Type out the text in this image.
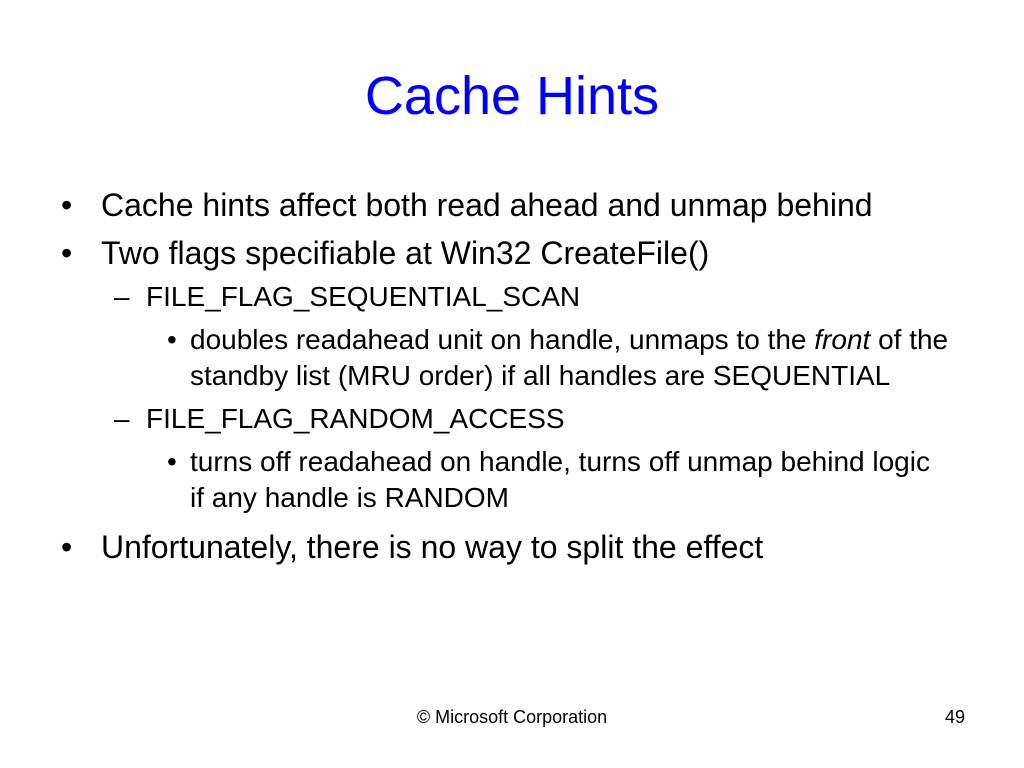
Cache Hints
• Cache hints affect both read ahead and unmap behind
• Two flags specifiable at Win32 CreateFile()
– FILE_FLAG_SEQUENTIAL_SCAN
• doubles readahead unit on handle, unmaps to the front of the standby list (MRU order) if all handles are SEQUENTIAL
– FILE_FLAG_RANDOM_ACCESS
• turns off readahead on handle, turns off unmap behind logic if any handle is RANDOM
• Unfortunately, there is no way to split the effect
© Microsoft Corporation	49
